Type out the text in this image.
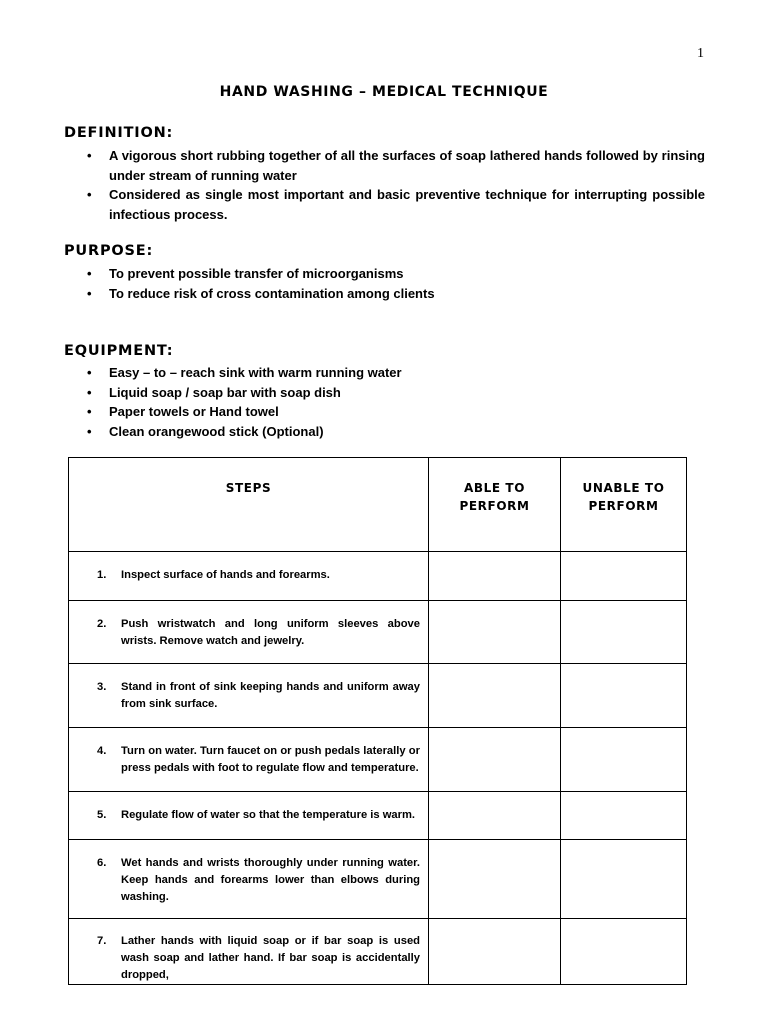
1
HAND WASHING – MEDICAL TECHNIQUE
DEFINITION:
• A vigorous short rubbing together of all the surfaces of soap lathered hands followed by rinsing under stream of running water
• Considered as single most important and basic preventive technique for interrupting possible infectious process.
PURPOSE:
• To prevent possible transfer of microorganisms
• To reduce risk of cross contamination among clients
EQUIPMENT:
• Easy – to – reach sink with warm running water
• Liquid soap / soap bar with soap dish
• Paper towels or Hand towel
• Clean orangewood stick (Optional)
STEPS	ABLE TO PERFORM	UNABLE TO PERFORM

1. Inspect surface of hands and forearms.		

2. Push wristwatch and long uniform sleeves above wrists. Remove watch and jewelry.		

3. Stand in front of sink keeping hands and uniform away from sink surface.		

4. Turn on water. Turn faucet on or push pedals laterally or press pedals with foot to regulate flow and temperature.		

5. Regulate flow of water so that the temperature is warm.		

6. Wet hands and wrists thoroughly under running water. Keep hands and forearms lower than elbows during washing.		

7. Lather hands with liquid soap or if bar soap is used wash soap and lather hand. If bar soap is accidentally dropped,		
